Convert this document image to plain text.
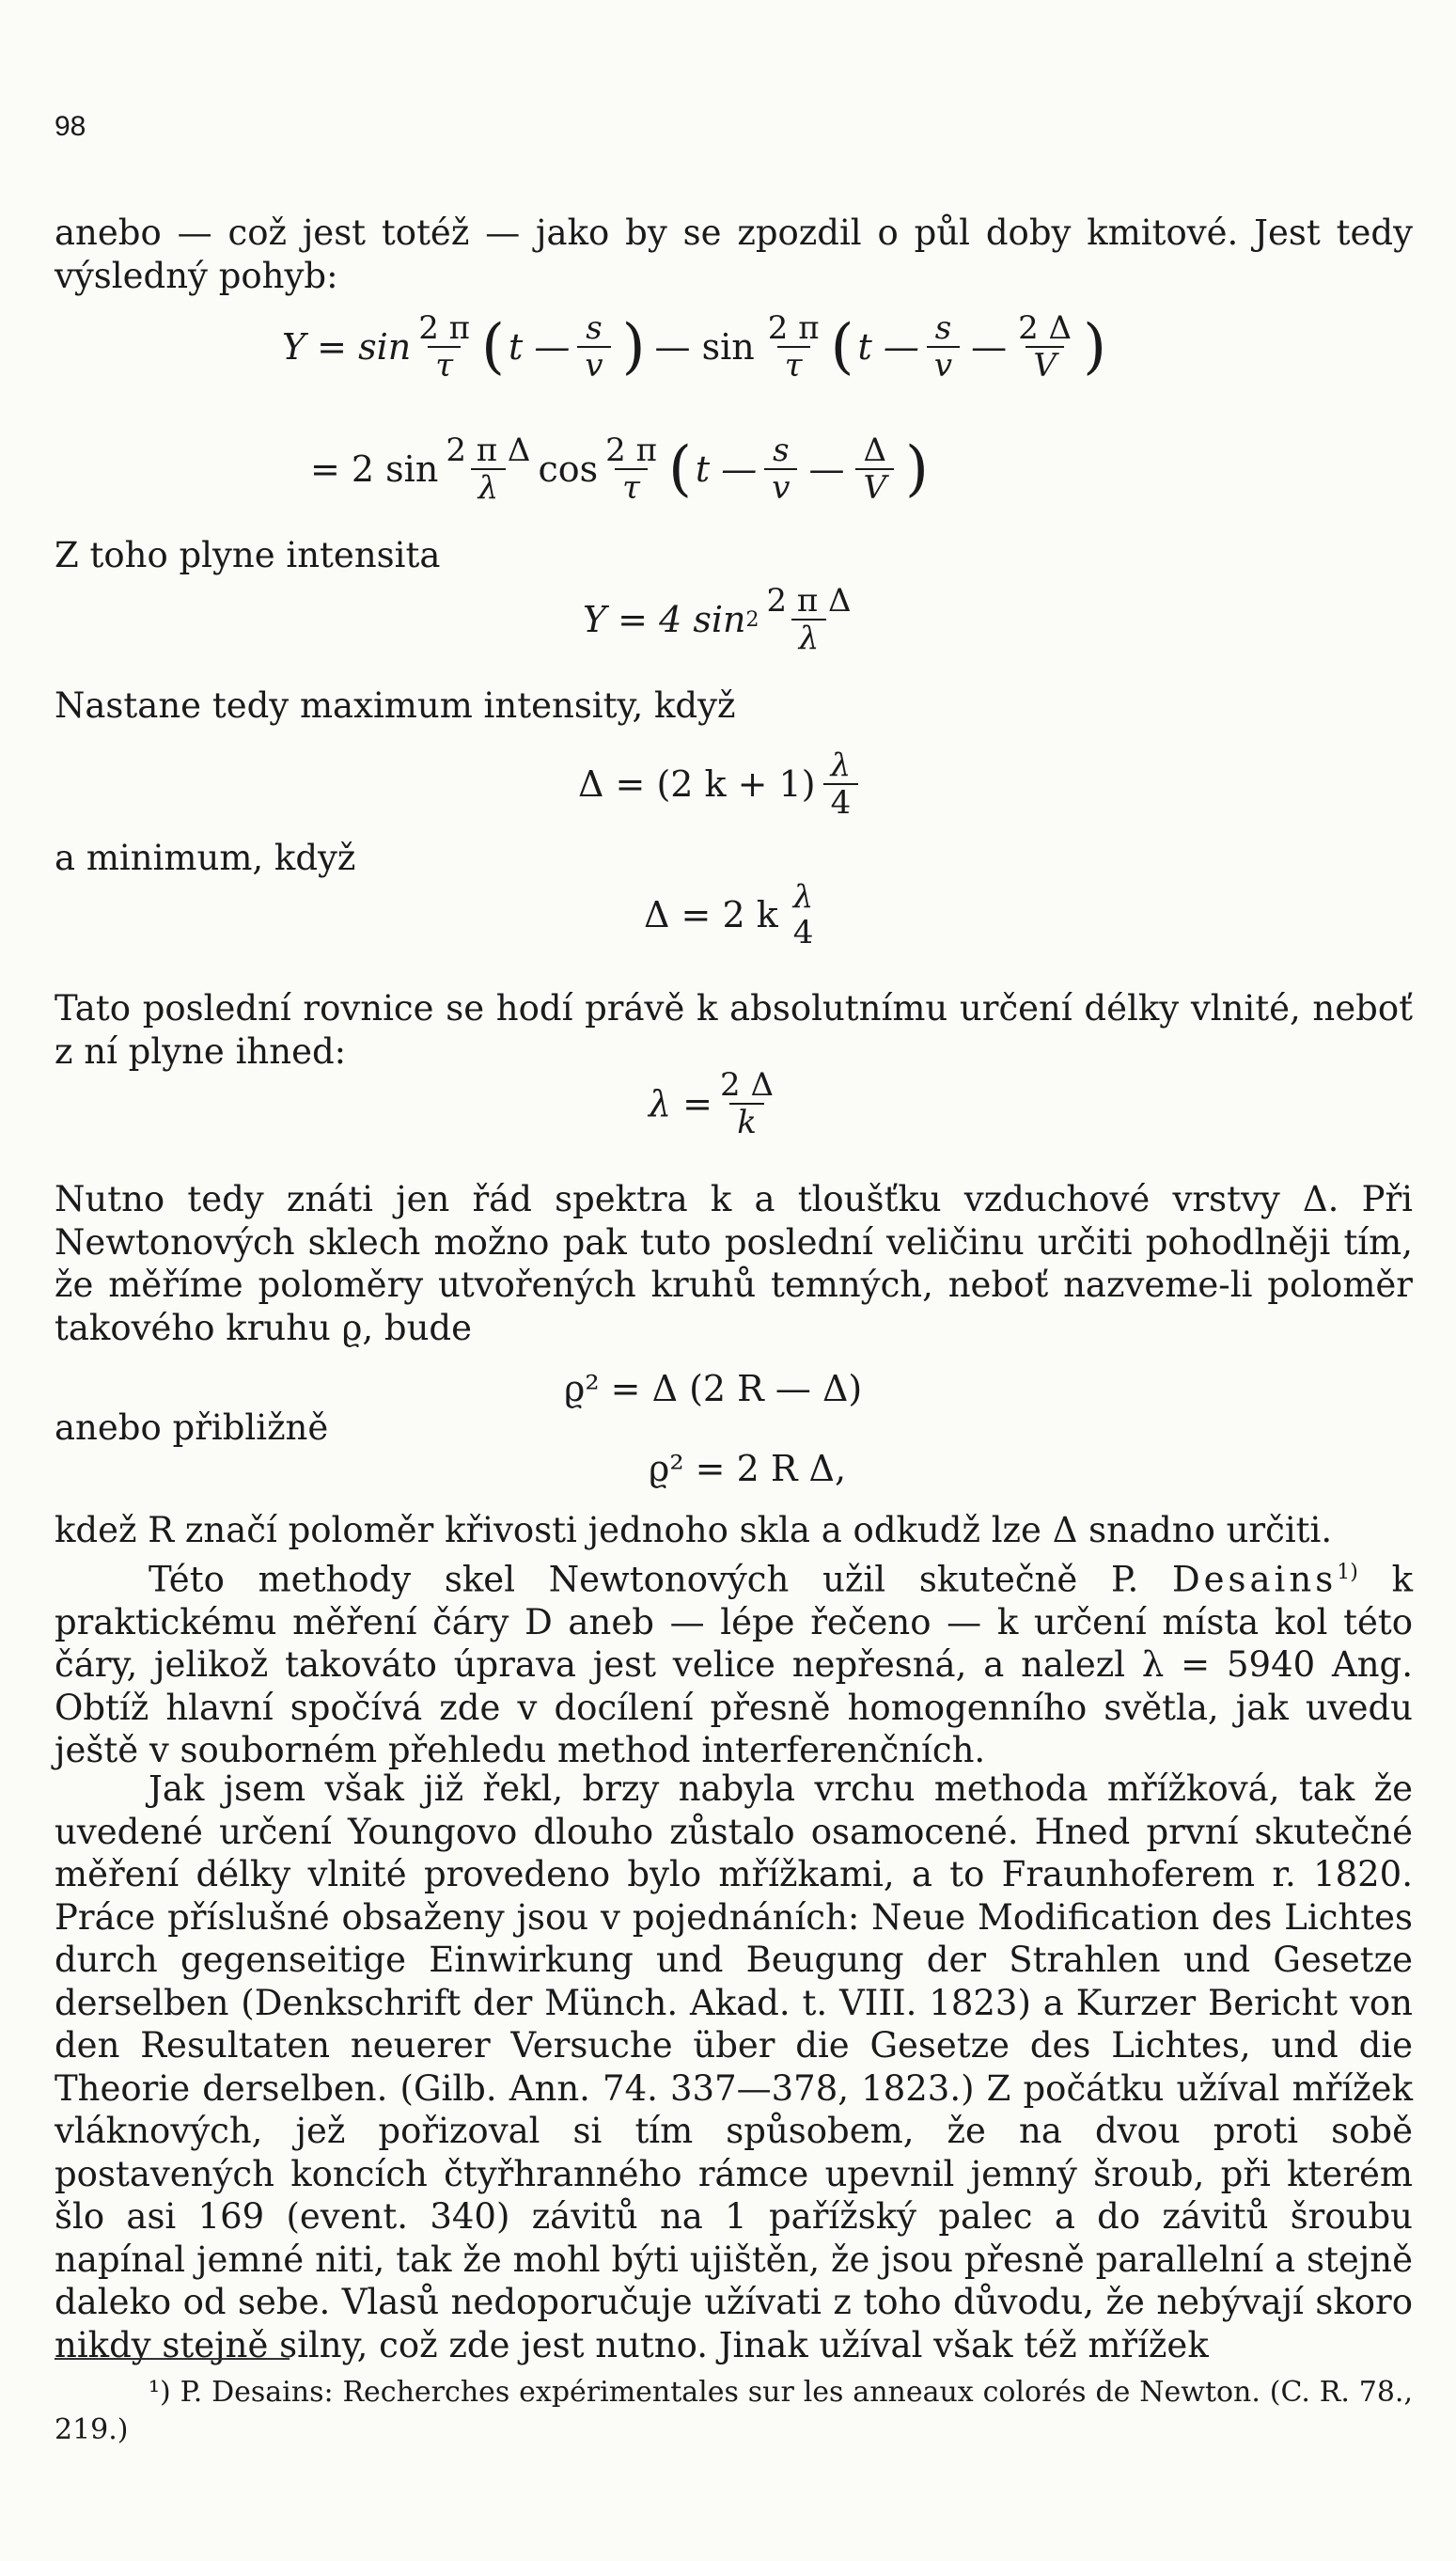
98
anebo — což jest totéž — jako by se zpozdil o půl doby kmitové. Jest tedy výsledný pohyb:
$Y = \sin \frac{2 \pi}{\tau}$ ( t — $\frac{s}{v}$ ) — $\sin \frac{2 \pi}{\tau}$ ( t — $\frac{s}{v}$ — $\frac{2 \Delta}{V}$ )
= 2 $\sin \frac{\text{2 π Δ}}{\lambda}$ $\cos \frac{2 \pi}{\tau}$ ( t — $\frac{s}{v}$ — $\frac{\Delta}{V}$ )
Z toho plyne intensita
Y = 4 $\sin 2 \frac{\text{2 π Δ}}{\lambda}$
Nastane tedy maximum intensity, když
Δ = (2 $k + 1) \frac{\lambda}{4}$
a minimum, když
Δ = 2 k λ
4
Tato poslední rovnice se hodí právě k absolutnímu určení délky vlnité, neboť z ní plyne ihned:
$\lambda = \frac{2 \Delta}{k}$
Nutno tedy znáti jen řád spektra k a tloušťku vzduchové vrstvy Δ. Při Newtonových sklech možno pak tuto poslední veličinu určiti pohodlněji tím, že měříme poloměry utvořených kruhů temných, neboť nazveme-li poloměr takového kruhu ϱ, bude
ϱ² = Δ (2 R — Δ)
anebo přibližně
ϱ² = 2 R Δ,
kdež R značí poloměr křivosti jednoho skla a odkudž lze Δ snadno určiti.
Této methody skel Newtonových užil skutečně P. Desains$^{1)}$ k praktickému měření čáry D aneb — lépe řečeno — k určení místa kol této čáry, jelikož takováto úprava jest velice nepřesná, a nalezl λ = 5940 Ang. Obtíž hlavní spočívá zde v docílení přesně homogenního světla, jak uvedu ještě v souborném přehledu method interferenčních.
Jak jsem však již řekl, brzy nabyla vrchu methoda mřížková, tak že uvedené určení Youngovo dlouho zůstalo osamocené. Hned první skutečné měření délky vlnité provedeno bylo mřížkami, a to Fraunhoferem r. 1820. Práce příslušné obsaženy jsou v pojednáních: Neue Modification des Lichtes durch gegenseitige Einwirkung und Beugung der Strahlen und Gesetze derselben (Denkschrift der Münch. Akad. t. VIII. 1823) a Kurzer Bericht von den Resultaten neuerer Versuche über die Gesetze des Lichtes, und die Theorie derselben. (Gilb. Ann. 74. 337—378, 1823.) Z počátku užíval mřížek vláknových, jež pořizoval si tím spůsobem, že na dvou proti sobě postavených koncích čtyřhranného rámce upevnil jemný šroub, při kterém šlo asi 169 (event. 340) závitů na 1 pařížský palec a do závitů šroubu napínal jemné niti, tak že mohl býti ujištěn, že jsou přesně parallelní a stejně daleko od sebe. Vlasů nedoporučuje užívati z toho důvodu, že nebývají skoro nikdy stejně silny, což zde jest nutno. Jinak užíval však též mřížek
¹) P. Desains: Recherches expérimentales sur les anneaux colorés de Newton. (C. R. 78., 219.)
